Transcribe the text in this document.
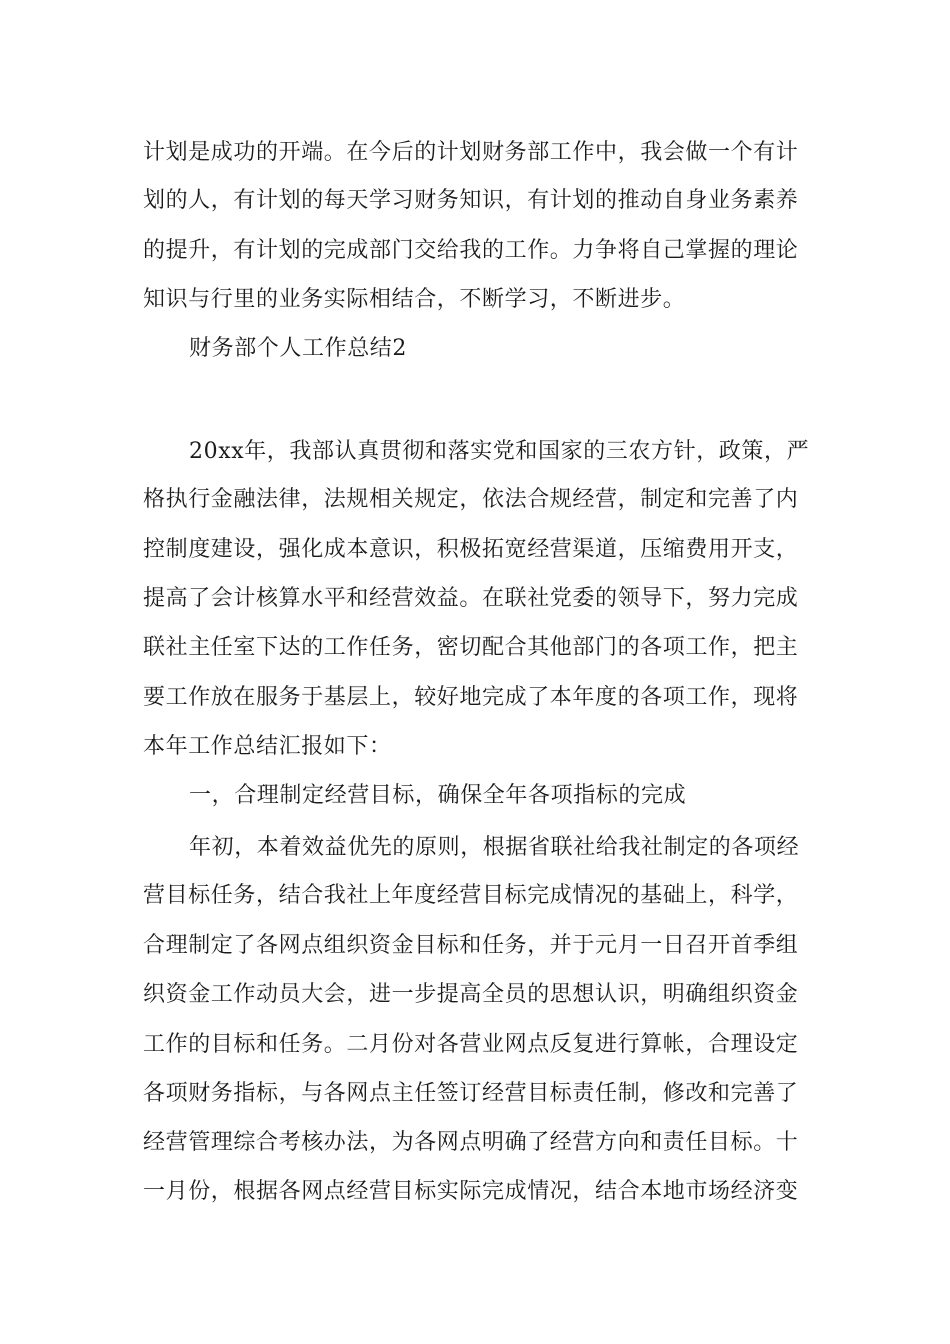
计划是成功的开端。在今后的计划财务部工作中，我会做一个有计
划的人，有计划的每天学习财务知识，有计划的推动自身业务素养
的提升，有计划的完成部门交给我的工作。力争将自己掌握的理论
知识与行里的业务实际相结合，不断学习，不断进步。
财务部个人工作总结2
20xx年，我部认真贯彻和落实党和国家的三农方针，政策，严
格执行金融法律，法规相关规定，依法合规经营，制定和完善了内
控制度建设，强化成本意识，积极拓宽经营渠道，压缩费用开支，
提高了会计核算水平和经营效益。在联社党委的领导下，努力完成
联社主任室下达的工作任务，密切配合其他部门的各项工作，把主
要工作放在服务于基层上，较好地完成了本年度的各项工作，现将
本年工作总结汇报如下：
一，合理制定经营目标，确保全年各项指标的完成
年初，本着效益优先的原则，根据省联社给我社制定的各项经
营目标任务，结合我社上年度经营目标完成情况的基础上，科学，
合理制定了各网点组织资金目标和任务，并于元月一日召开首季组
织资金工作动员大会，进一步提高全员的思想认识，明确组织资金
工作的目标和任务。二月份对各营业网点反复进行算帐，合理设定
各项财务指标，与各网点主任签订经营目标责任制，修改和完善了
经营管理综合考核办法，为各网点明确了经营方向和责任目标。十
一月份，根据各网点经营目标实际完成情况，结合本地市场经济变
